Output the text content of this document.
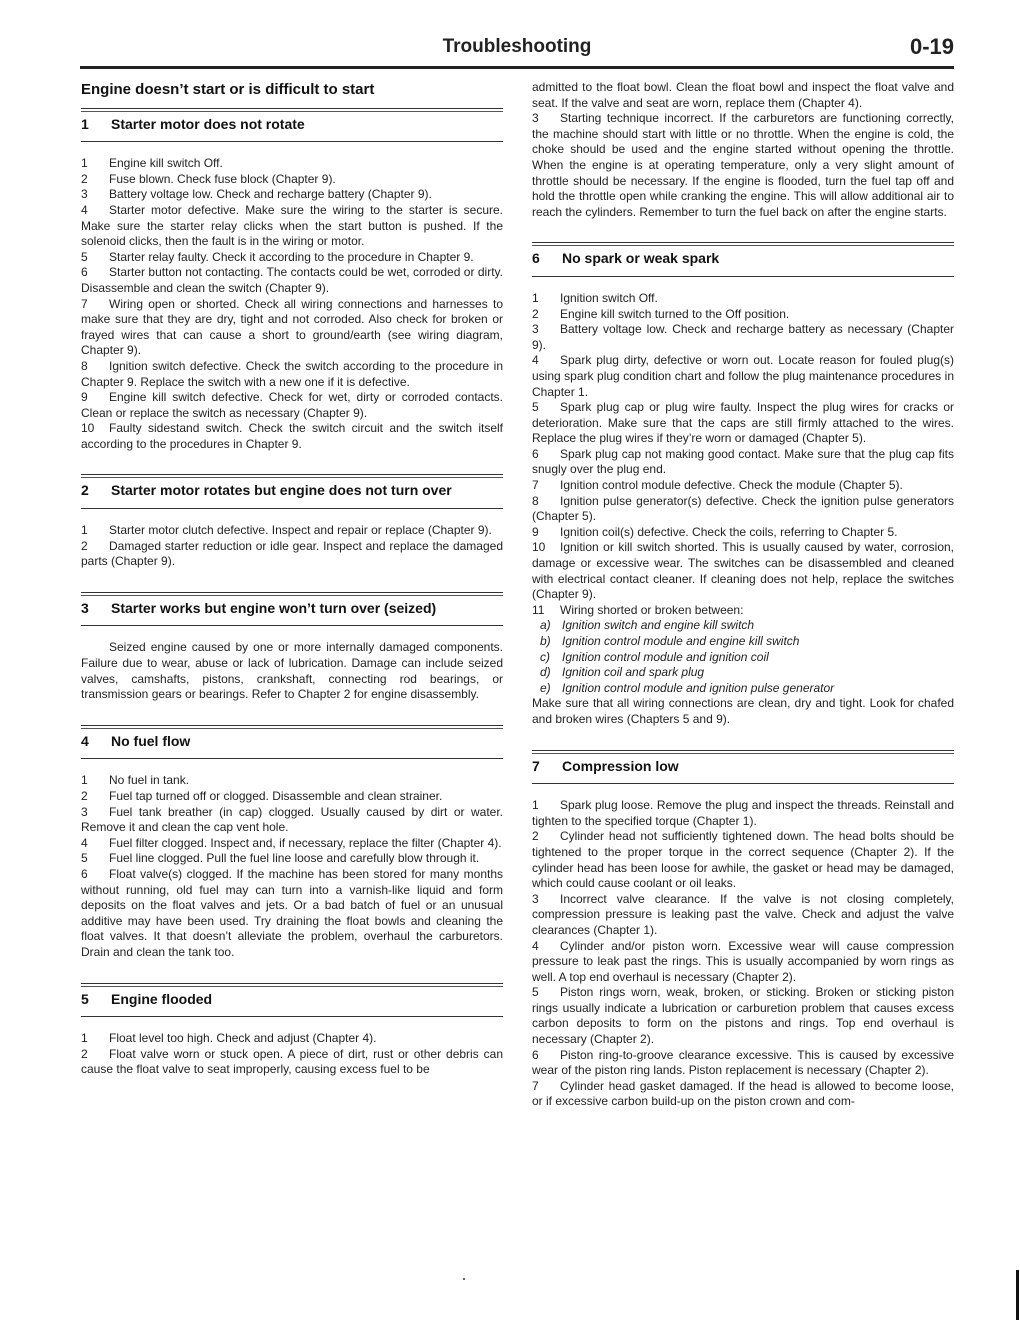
Troubleshooting	0-19
Engine doesn’t start or is difficult to start
1 Starter motor does not rotate

1 Engine kill switch Off.

2 Fuse blown. Check fuse block (Chapter 9).

3 Battery voltage low. Check and recharge battery (Chapter 9).

4 Starter motor defective. Make sure the wiring to the starter is secure. Make sure the starter relay clicks when the start button is pushed. If the solenoid clicks, then the fault is in the wiring or motor.

5 Starter relay faulty. Check it according to the procedure in Chapter 9.

6 Starter button not contacting. The contacts could be wet, corroded or dirty. Disassemble and clean the switch (Chapter 9).

7 Wiring open or shorted. Check all wiring connections and harnesses to make sure that they are dry, tight and not corroded. Also check for broken or frayed wires that can cause a short to ground/earth (see wiring diagram, Chapter 9).

8 Ignition switch defective. Check the switch according to the procedure in Chapter 9. Replace the switch with a new one if it is defective.

9 Engine kill switch defective. Check for wet, dirty or corroded contacts. Clean or replace the switch as necessary (Chapter 9).

10 Faulty sidestand switch. Check the switch circuit and the switch itself according to the procedures in Chapter 9.

2 Starter motor rotates but engine does not turn over

1 Starter motor clutch defective. Inspect and repair or replace (Chapter 9).

2 Damaged starter reduction or idle gear. Inspect and replace the damaged parts (Chapter 9).

3 Starter works but engine won’t turn over (seized)

Seized engine caused by one or more internally damaged components. Failure due to wear, abuse or lack of lubrication. Damage can include seized valves, camshafts, pistons, crankshaft, connecting rod bearings, or transmission gears or bearings. Refer to Chapter 2 for engine disassembly.

4 No fuel flow

1 No fuel in tank.

2 Fuel tap turned off or clogged. Disassemble and clean strainer.

3 Fuel tank breather (in cap) clogged. Usually caused by dirt or water. Remove it and clean the cap vent hole.

4 Fuel filter clogged. Inspect and, if necessary, replace the filter (Chapter 4).

5 Fuel line clogged. Pull the fuel line loose and carefully blow through it.

6 Float valve(s) clogged. If the machine has been stored for many months without running, old fuel may can turn into a varnish-like liquid and form deposits on the float valves and jets. Or a bad batch of fuel or an unusual additive may have been used. Try draining the float bowls and cleaning the float valves. It that doesn’t alleviate the problem, overhaul the carburetors. Drain and clean the tank too.

5 Engine flooded

1 Float level too high. Check and adjust (Chapter 4).

2 Float valve worn or stuck open. A piece of dirt, rust or other debris can cause the float valve to seat improperly, causing excess fuel to be

admitted to the float bowl. Clean the float bowl and inspect the float valve and seat. If the valve and seat are worn, replace them (Chapter 4).

3 Starting technique incorrect. If the carburetors are functioning correctly, the machine should start with little or no throttle. When the engine is cold, the choke should be used and the engine started without opening the throttle. When the engine is at operating temperature, only a very slight amount of throttle should be necessary. If the engine is flooded, turn the fuel tap off and hold the throttle open while cranking the engine. This will allow additional air to reach the cylinders. Remember to turn the fuel back on after the engine starts.

6 No spark or weak spark

1 Ignition switch Off.

2 Engine kill switch turned to the Off position.

3 Battery voltage low. Check and recharge battery as necessary (Chapter 9).

4 Spark plug dirty, defective or worn out. Locate reason for fouled plug(s) using spark plug condition chart and follow the plug maintenance procedures in Chapter 1.

5 Spark plug cap or plug wire faulty. Inspect the plug wires for cracks or deterioration. Make sure that the caps are still firmly attached to the wires. Replace the plug wires if they’re worn or damaged (Chapter 5).

6 Spark plug cap not making good contact. Make sure that the plug cap fits snugly over the plug end.

7 Ignition control module defective. Check the module (Chapter 5).

8 Ignition pulse generator(s) defective. Check the ignition pulse generators (Chapter 5).

9 Ignition coil(s) defective. Check the coils, referring to Chapter 5.

10 Ignition or kill switch shorted. This is usually caused by water, corrosion, damage or excessive wear. The switches can be disassembled and cleaned with electrical contact cleaner. If cleaning does not help, replace the switches (Chapter 9).

11 Wiring shorted or broken between:

a) Ignition switch and engine kill switch

b) Ignition control module and engine kill switch

c) Ignition control module and ignition coil

d) Ignition coil and spark plug

e) Ignition control module and ignition pulse generator

Make sure that all wiring connections are clean, dry and tight. Look for chafed and broken wires (Chapters 5 and 9).

7 Compression low

1 Spark plug loose. Remove the plug and inspect the threads. Reinstall and tighten to the specified torque (Chapter 1).

2 Cylinder head not sufficiently tightened down. The head bolts should be tightened to the proper torque in the correct sequence (Chapter 2). If the cylinder head has been loose for awhile, the gasket or head may be damaged, which could cause coolant or oil leaks.

3 Incorrect valve clearance. If the valve is not closing completely, compression pressure is leaking past the valve. Check and adjust the valve clearances (Chapter 1).

4 Cylinder and/or piston worn. Excessive wear will cause compression pressure to leak past the rings. This is usually accompanied by worn rings as well. A top end overhaul is necessary (Chapter 2).

5 Piston rings worn, weak, broken, or sticking. Broken or sticking piston rings usually indicate a lubrication or carburetion problem that causes excess carbon deposits to form on the pistons and rings. Top end overhaul is necessary (Chapter 2).

6 Piston ring-to-groove clearance excessive. This is caused by excessive wear of the piston ring lands. Piston replacement is necessary (Chapter 2).

7 Cylinder head gasket damaged. If the head is allowed to become loose, or if excessive carbon build-up on the piston crown and com-
